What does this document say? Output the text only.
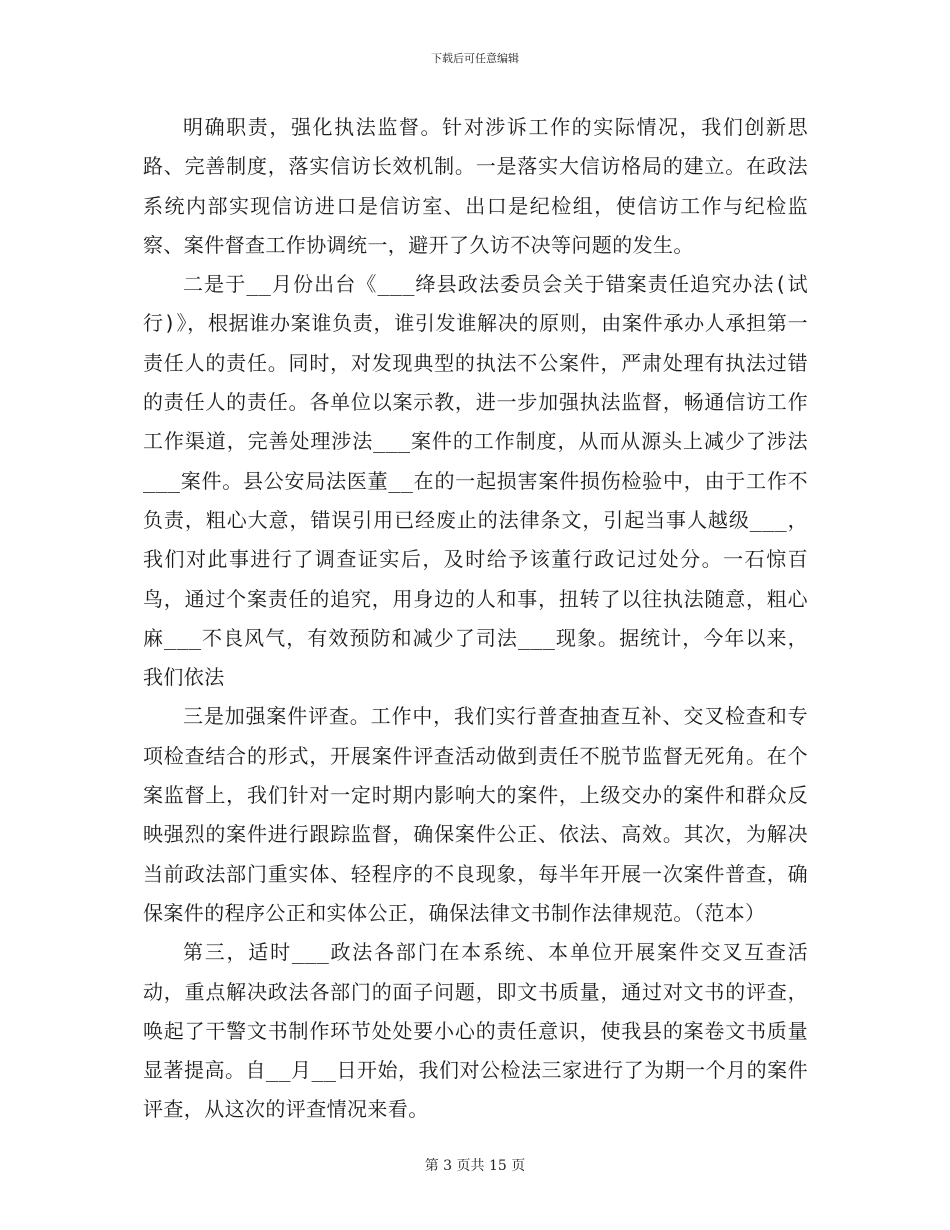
下载后可任意编辑

明确职责，强化执法监督。针对涉诉工作的实际情况，我们创新思路、完善制度，落实信访长效机制。一是落实大信访格局的建立。在政法系统内部实现信访进口是信访室、出口是纪检组，使信访工作与纪检监察、案件督查工作协调统一，避开了久访不决等问题的发生。

二是于__月份出台《___绛县政法委员会关于错案责任追究办法(试行)》，根据谁办案谁负责，谁引发谁解决的原则，由案件承办人承担第一责任人的责任。同时，对发现典型的执法不公案件，严肃处理有执法过错的责任人的责任。各单位以案示教，进一步加强执法监督，畅通信访工作工作渠道，完善处理涉法___案件的工作制度，从而从源头上减少了涉法___案件。县公安局法医董__在的一起损害案件损伤检验中，由于工作不负责，粗心大意，错误引用已经废止的法律条文，引起当事人越级___，我们对此事进行了调查证实后，及时给予该董行政记过处分。一石惊百鸟，通过个案责任的追究，用身边的人和事，扭转了以往执法随意，粗心麻___不良风气，有效预防和减少了司法___现象。据统计，今年以来，我们依法

三是加强案件评查。工作中，我们实行普查抽查互补、交叉检查和专项检查结合的形式，开展案件评查活动做到责任不脱节监督无死角。在个案监督上，我们针对一定时期内影响大的案件，上级交办的案件和群众反映强烈的案件进行跟踪监督，确保案件公正、依法、高效。其次，为解决当前政法部门重实体、轻程序的不良现象，每半年开展一次案件普查，确保案件的程序公正和实体公正，确保法律文书制作法律规范。（范本）

第三，适时___政法各部门在本系统、本单位开展案件交叉互查活动，重点解决政法各部门的面子问题，即文书质量，通过对文书的评查，唤起了干警文书制作环节处处要小心的责任意识，使我县的案卷文书质量显著提高。自__月__日开始，我们对公检法三家进行了为期一个月的案件评查，从这次的评查情况来看。

第 3 页共 15 页
